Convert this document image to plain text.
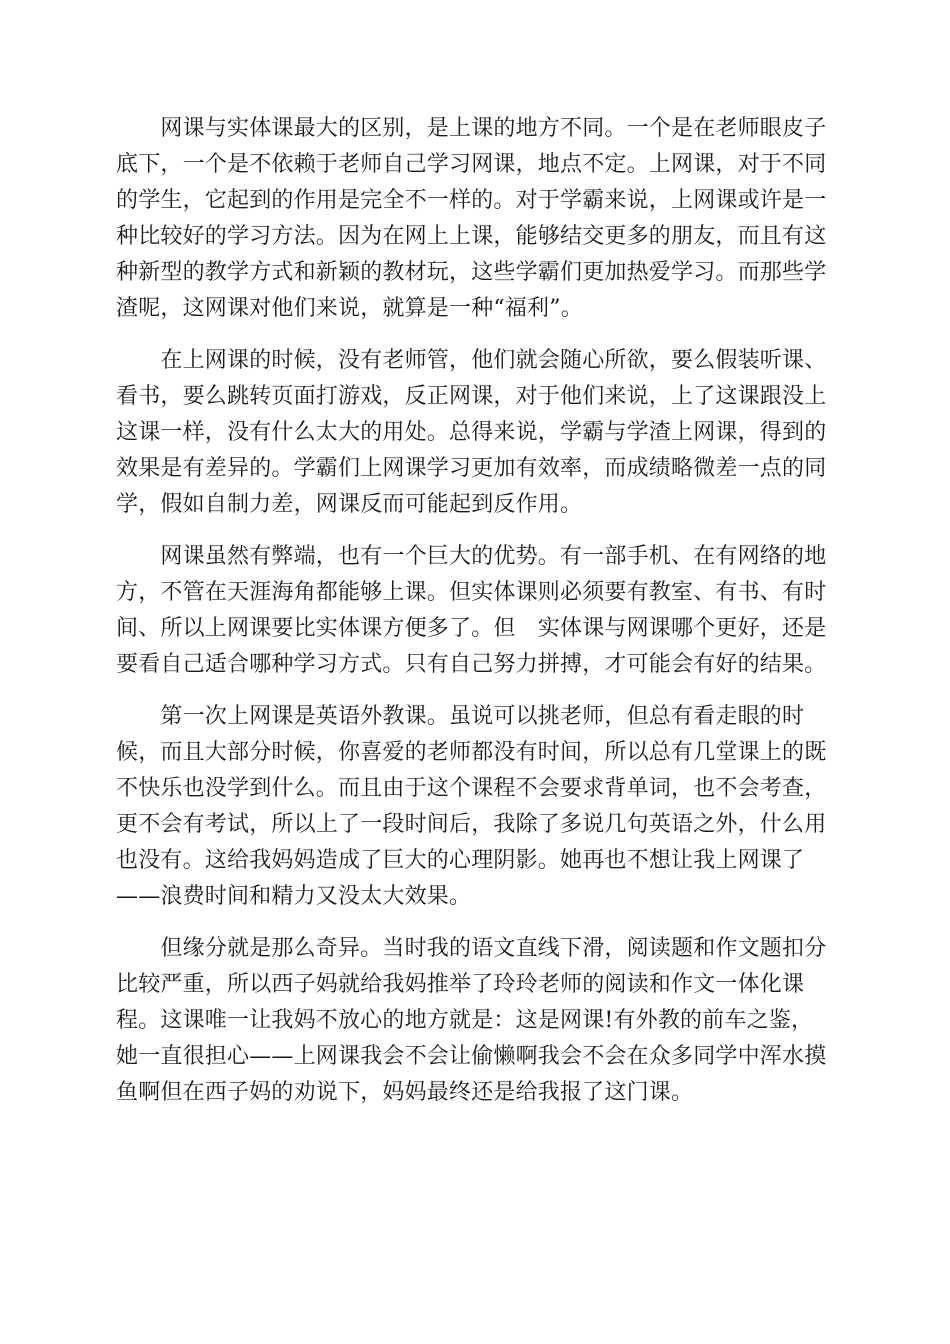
　　网课与实体课最大的区别，是上课的地方不同。一个是在老师眼皮子
底下，一个是不依赖于老师自己学习网课，地点不定。上网课，对于不同
的学生，它起到的作用是完全不一样的。对于学霸来说，上网课或许是一
种比较好的学习方法。因为在网上上课，能够结交更多的朋友，而且有这
种新型的教学方式和新颖的教材玩，这些学霸们更加热爱学习。而那些学
渣呢，这网课对他们来说，就算是一种“福利”。
　　在上网课的时候，没有老师管，他们就会随心所欲，要么假装听课、
看书，要么跳转页面打游戏，反正网课，对于他们来说，上了这课跟没上
这课一样，没有什么太大的用处。总得来说，学霸与学渣上网课，得到的
效果是有差异的。学霸们上网课学习更加有效率，而成绩略微差一点的同
学，假如自制力差，网课反而可能起到反作用。
　　网课虽然有弊端，也有一个巨大的优势。有一部手机、在有网络的地
方，不管在天涯海角都能够上课。但实体课则必须要有教室、有书、有时
间、所以上网课要比实体课方便多了。但　实体课与网课哪个更好，还是
要看自己适合哪种学习方式。只有自己努力拼搏，才可能会有好的结果。
　　第一次上网课是英语外教课。虽说可以挑老师，但总有看走眼的时
候，而且大部分时候，你喜爱的老师都没有时间，所以总有几堂课上的既
不快乐也没学到什么。而且由于这个课程不会要求背单词，也不会考查，
更不会有考试，所以上了一段时间后，我除了多说几句英语之外，什么用
也没有。这给我妈妈造成了巨大的心理阴影。她再也不想让我上网课了
——浪费时间和精力又没太大效果。
　　但缘分就是那么奇异。当时我的语文直线下滑，阅读题和作文题扣分
比较严重，所以西子妈就给我妈推举了玲玲老师的阅读和作文一体化课
程。这课唯一让我妈不放心的地方就是：这是网课!有外教的前车之鉴，
她一直很担心——上网课我会不会让偷懒啊我会不会在众多同学中浑水摸
鱼啊但在西子妈的劝说下，妈妈最终还是给我报了这门课。
